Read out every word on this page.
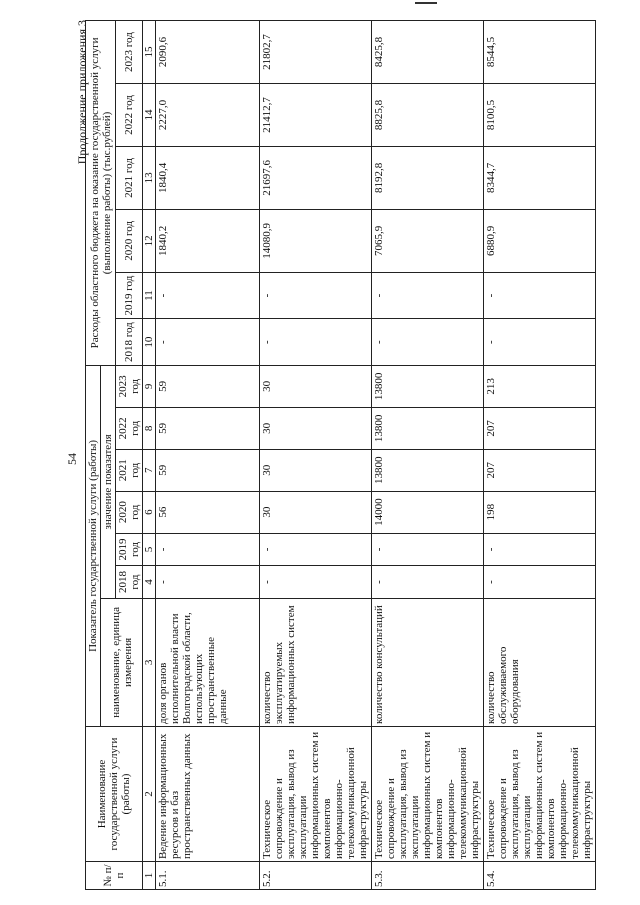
54
Продолжение приложения 3
№ п/п	Наименование государственной услуги (работы)	Показатель государственной услуги (работы)							Расходы областного бюджета на оказание государственной услуги (выполнение работы) (тыс.рублей)					
		наименование, единица измерения	значение показателя											
			2018 год	2019 год	2020 год	2021 год	2022 год	2023 год	2018 год	2019 год	2020 год	2021 год	2022 год	2023 год
1	2	3	4	5	6	7	8	9	10	11	12	13	14	15
5.1.	Ведение информационных ресурсов и баз пространственных данных	доля органов исполнительной власти Волгоградской области, использующих пространственные данные	-	-	56	59	59	59	-	-	1840,2	1840,4	2227,0	2090,6
5.2.	Техническое сопровождение и эксплуатация, вывод из эксплуатации информационных систем и компонентов информационно-телекоммуникационной инфраструктуры	количество эксплуатируемых информационных систем	-	-	30	30	30	30	-	-	14080,9	21697,6	21412,7	21802,7
5.3.	Техническое сопровождение и эксплуатация, вывод из эксплуатации информационных систем и компонентов информационно-телекоммуникационной инфраструктуры	количество консультаций	-	-	14000	13800	13800	13800	-	-	7065,9	8192,8	8825,8	8425,8
5.4.	Техническое сопровождение и эксплуатация, вывод из эксплуатации информационных систем и компонентов информационно-телекоммуникационной инфраструктуры	количество обслуживаемого оборудования	-	-	198	207	207	213	-	-	6880,9	8344,7	8100,5	8544,5
